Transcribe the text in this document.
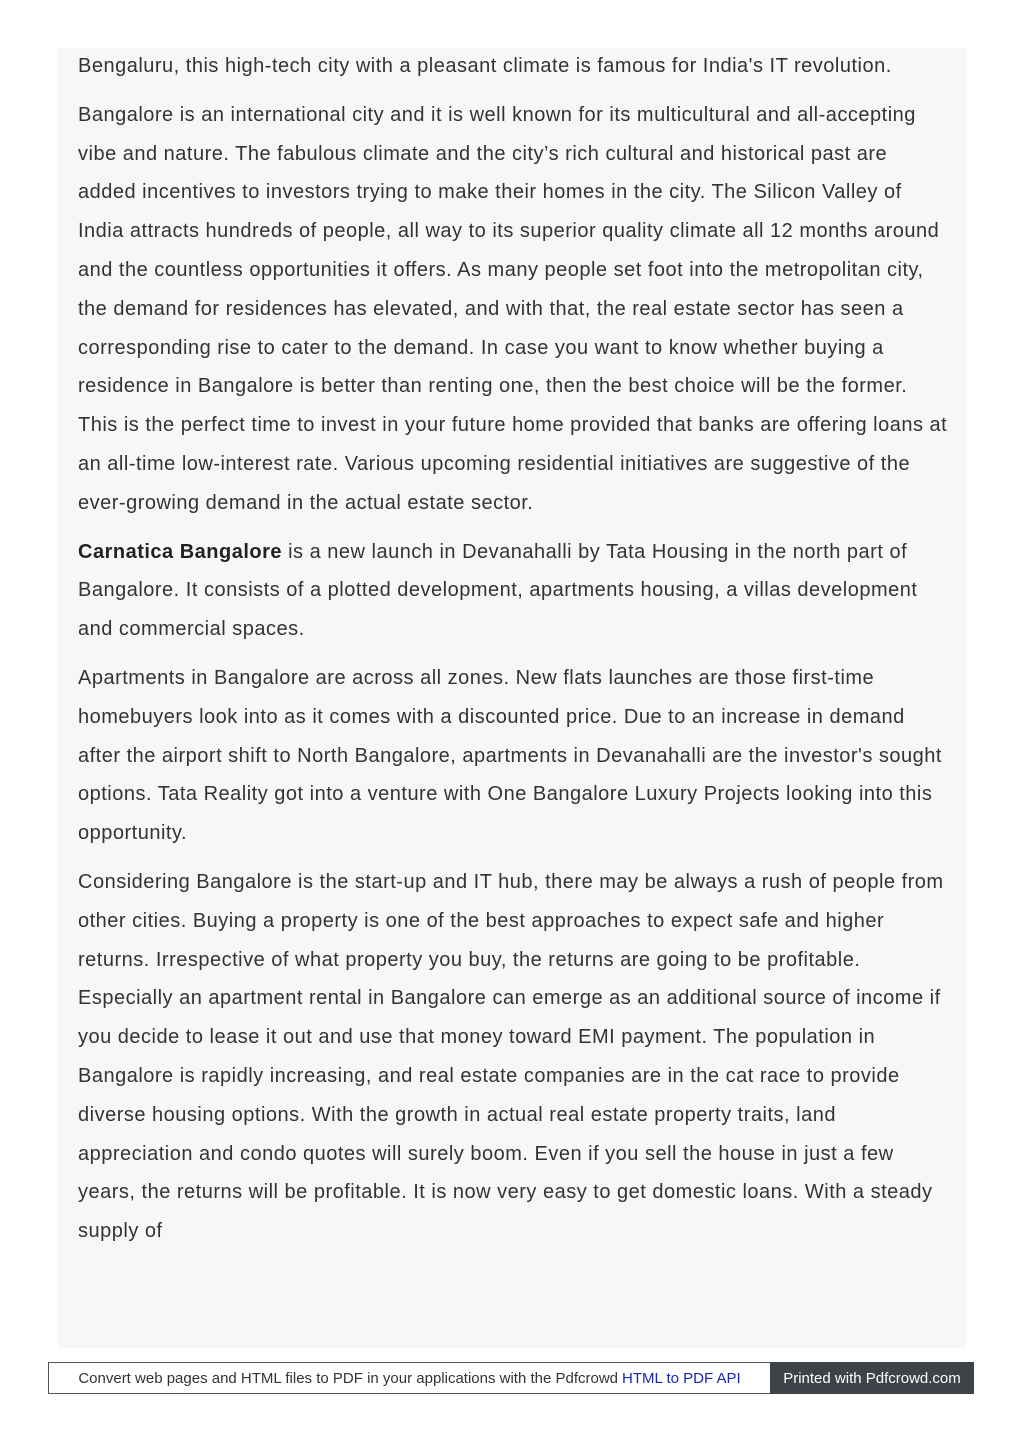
Bengaluru, this high-tech city with a pleasant climate is famous for India's IT revolution.

Bangalore is an international city and it is well known for its multicultural and all-accepting vibe and nature. The fabulous climate and the city’s rich cultural and historical past are added incentives to investors trying to make their homes in the city. The Silicon Valley of India attracts hundreds of people, all way to its superior quality climate all 12 months around and the countless opportunities it offers. As many people set foot into the metropolitan city, the demand for residences has elevated, and with that, the real estate sector has seen a corresponding rise to cater to the demand. In case you want to know whether buying a residence in Bangalore is better than renting one, then the best choice will be the former. This is the perfect time to invest in your future home provided that banks are offering loans at an all-time low-interest rate. Various upcoming residential initiatives are suggestive of the ever-growing demand in the actual estate sector.

Carnatica Bangalore is a new launch in Devanahalli by Tata Housing in the north part of Bangalore. It consists of a plotted development, apartments housing, a villas development and commercial spaces.

Apartments in Bangalore are across all zones. New flats launches are those first-time homebuyers look into as it comes with a discounted price. Due to an increase in demand after the airport shift to North Bangalore, apartments in Devanahalli are the investor's sought options. Tata Reality got into a venture with One Bangalore Luxury Projects looking into this opportunity.

Considering Bangalore is the start-up and IT hub, there may be always a rush of people from other cities. Buying a property is one of the best approaches to expect safe and higher returns. Irrespective of what property you buy, the returns are going to be profitable. Especially an apartment rental in Bangalore can emerge as an additional source of income if you decide to lease it out and use that money toward EMI payment. The population in Bangalore is rapidly increasing, and real estate companies are in the cat race to provide diverse housing options. With the growth in actual real estate property traits, land appreciation and condo quotes will surely boom. Even if you sell the house in just a few years, the returns will be profitable. It is now very easy to get domestic loans. With a steady supply of

Convert web pages and HTML files to PDF in your applications with the Pdfcrowd HTML to PDF API	Printed with Pdfcrowd.com
